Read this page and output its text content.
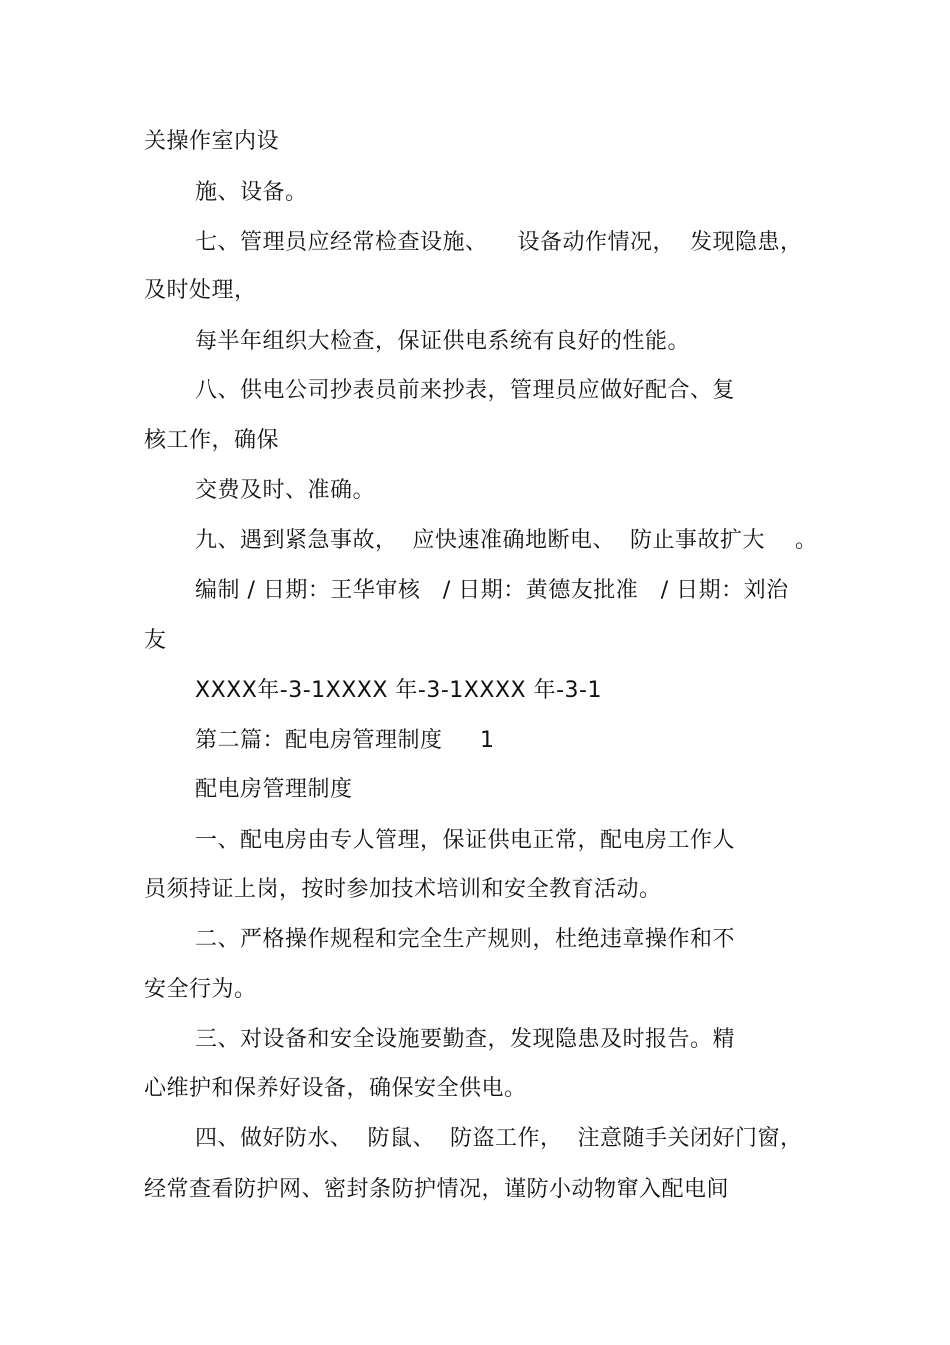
关操作室内设
施、设备。
七、管理员应经常检查设施、    设备动作情况，  发现隐患，
及时处理，
每半年组织大检查，保证供电系统有良好的性能。
八、供电公司抄表员前来抄表，管理员应做好配合、复
核工作，确保
交费及时、准确。
九、遇到紧急事故，  应快速准确地断电、  防止事故扩大    。
编制 / 日期：王华审核   / 日期：黄德友批准   / 日期：刘治
友
XXXX年-3-1XXXX 年-3-1XXXX 年-3-1
第二篇：配电房管理制度     1
配电房管理制度
一、配电房由专人管理，保证供电正常，配电房工作人
员须持证上岗，按时参加技术培训和安全教育活动。
二、严格操作规程和完全生产规则，杜绝违章操作和不
安全行为。
三、对设备和安全设施要勤查，发现隐患及时报告。精
心维护和保养好设备，确保安全供电。
四、做好防水、  防鼠、  防盗工作，  注意随手关闭好门窗，
经常查看防护网、密封条防护情况，谨防小动物窜入配电间
